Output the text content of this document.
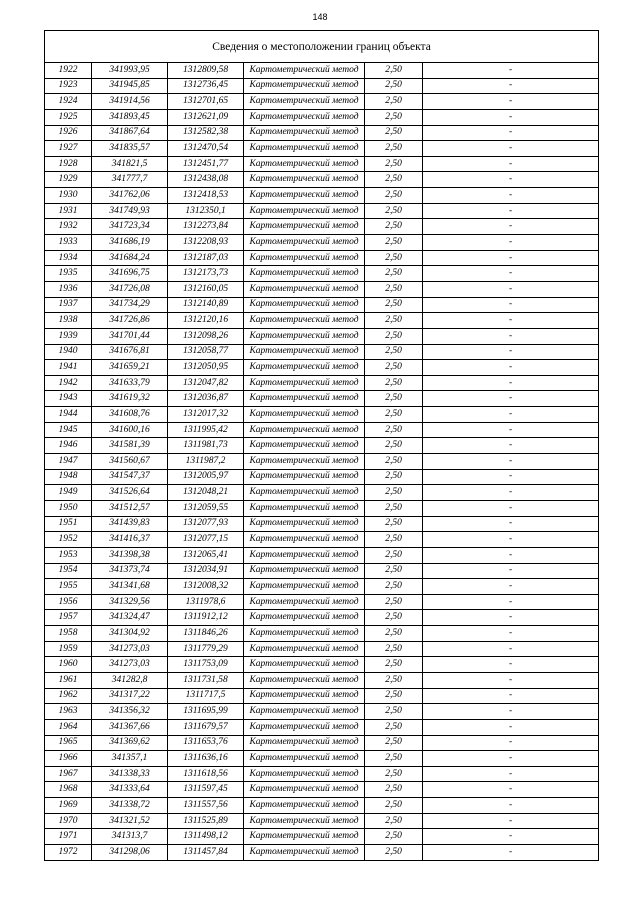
148
Сведения о местоположении границ объекта					
1922	341993,95	1312809,58	Картометрический метод	2,50	-
1923	341945,85	1312736,45	Картометрический метод	2,50	-
1924	341914,56	1312701,65	Картометрический метод	2,50	-
1925	341893,45	1312621,09	Картометрический метод	2,50	-
1926	341867,64	1312582,38	Картометрический метод	2,50	-
1927	341835,57	1312470,54	Картометрический метод	2,50	-
1928	341821,5	1312451,77	Картометрический метод	2,50	-
1929	341777,7	1312438,08	Картометрический метод	2,50	-
1930	341762,06	1312418,53	Картометрический метод	2,50	-
1931	341749,93	1312350,1	Картометрический метод	2,50	-
1932	341723,34	1312273,84	Картометрический метод	2,50	-
1933	341686,19	1312208,93	Картометрический метод	2,50	-
1934	341684,24	1312187,03	Картометрический метод	2,50	-
1935	341696,75	1312173,73	Картометрический метод	2,50	-
1936	341726,08	1312160,05	Картометрический метод	2,50	-
1937	341734,29	1312140,89	Картометрический метод	2,50	-
1938	341726,86	1312120,16	Картометрический метод	2,50	-
1939	341701,44	1312098,26	Картометрический метод	2,50	-
1940	341676,81	1312058,77	Картометрический метод	2,50	-
1941	341659,21	1312050,95	Картометрический метод	2,50	-
1942	341633,79	1312047,82	Картометрический метод	2,50	-
1943	341619,32	1312036,87	Картометрический метод	2,50	-
1944	341608,76	1312017,32	Картометрический метод	2,50	-
1945	341600,16	1311995,42	Картометрический метод	2,50	-
1946	341581,39	1311981,73	Картометрический метод	2,50	-
1947	341560,67	1311987,2	Картометрический метод	2,50	-
1948	341547,37	1312005,97	Картометрический метод	2,50	-
1949	341526,64	1312048,21	Картометрический метод	2,50	-
1950	341512,57	1312059,55	Картометрический метод	2,50	-
1951	341439,83	1312077,93	Картометрический метод	2,50	-
1952	341416,37	1312077,15	Картометрический метод	2,50	-
1953	341398,38	1312065,41	Картометрический метод	2,50	-
1954	341373,74	1312034,91	Картометрический метод	2,50	-
1955	341341,68	1312008,32	Картометрический метод	2,50	-
1956	341329,56	1311978,6	Картометрический метод	2,50	-
1957	341324,47	1311912,12	Картометрический метод	2,50	-
1958	341304,92	1311846,26	Картометрический метод	2,50	-
1959	341273,03	1311779,29	Картометрический метод	2,50	-
1960	341273,03	1311753,09	Картометрический метод	2,50	-
1961	341282,8	1311731,58	Картометрический метод	2,50	-
1962	341317,22	1311717,5	Картометрический метод	2,50	-
1963	341356,32	1311695,99	Картометрический метод	2,50	-
1964	341367,66	1311679,57	Картометрический метод	2,50	-
1965	341369,62	1311653,76	Картометрический метод	2,50	-
1966	341357,1	1311636,16	Картометрический метод	2,50	-
1967	341338,33	1311618,56	Картометрический метод	2,50	-
1968	341333,64	1311597,45	Картометрический метод	2,50	-
1969	341338,72	1311557,56	Картометрический метод	2,50	-
1970	341321,52	1311525,89	Картометрический метод	2,50	-
1971	341313,7	1311498,12	Картометрический метод	2,50	-
1972	341298,06	1311457,84	Картометрический метод	2,50	-
